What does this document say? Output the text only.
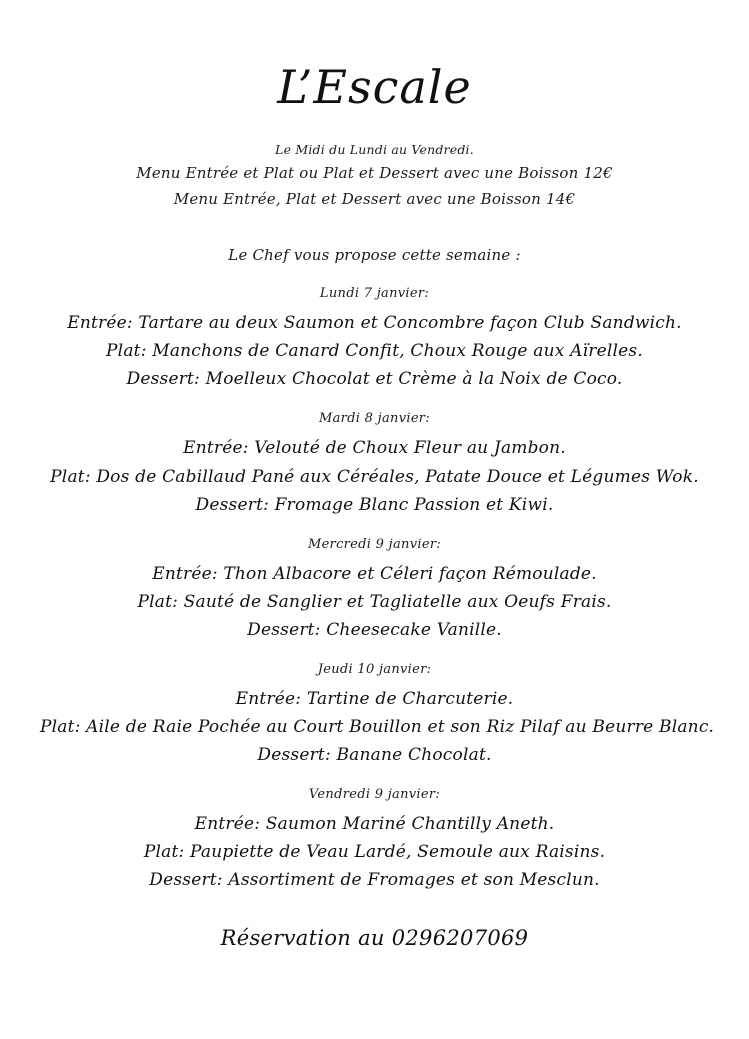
L’Escale
Le Midi du Lundi au Vendredi.
Menu Entrée et Plat ou Plat et Dessert avec une Boisson 12€
Menu Entrée, Plat et Dessert avec une Boisson 14€
Le Chef vous propose cette semaine :
Lundi 7 janvier:
Entrée: Tartare au deux Saumon et Concombre façon Club Sandwich.
Plat: Manchons de Canard Confit, Choux Rouge aux Aïrelles.
Dessert: Moelleux Chocolat et Crème à la Noix de Coco.
Mardi 8 janvier:
Entrée: Velouté de Choux Fleur au Jambon.
Plat: Dos de Cabillaud Pané aux Céréales, Patate Douce et Légumes Wok.
Dessert: Fromage Blanc Passion et Kiwi.
Mercredi 9 janvier:
Entrée: Thon Albacore et Céleri façon Rémoulade.
Plat: Sauté de Sanglier et Tagliatelle aux Oeufs Frais.
Dessert: Cheesecake Vanille.
Jeudi 10 janvier:
Entrée: Tartine de Charcuterie.
Plat: Aile de Raie Pochée au Court Bouillon et son Riz Pilaf au Beurre Blanc.
Dessert: Banane Chocolat.
Vendredi 9 janvier:
Entrée: Saumon Mariné Chantilly Aneth.
Plat: Paupiette de Veau Lardé, Semoule aux Raisins.
Dessert: Assortiment de Fromages et son Mesclun.
Réservation au 0296207069
